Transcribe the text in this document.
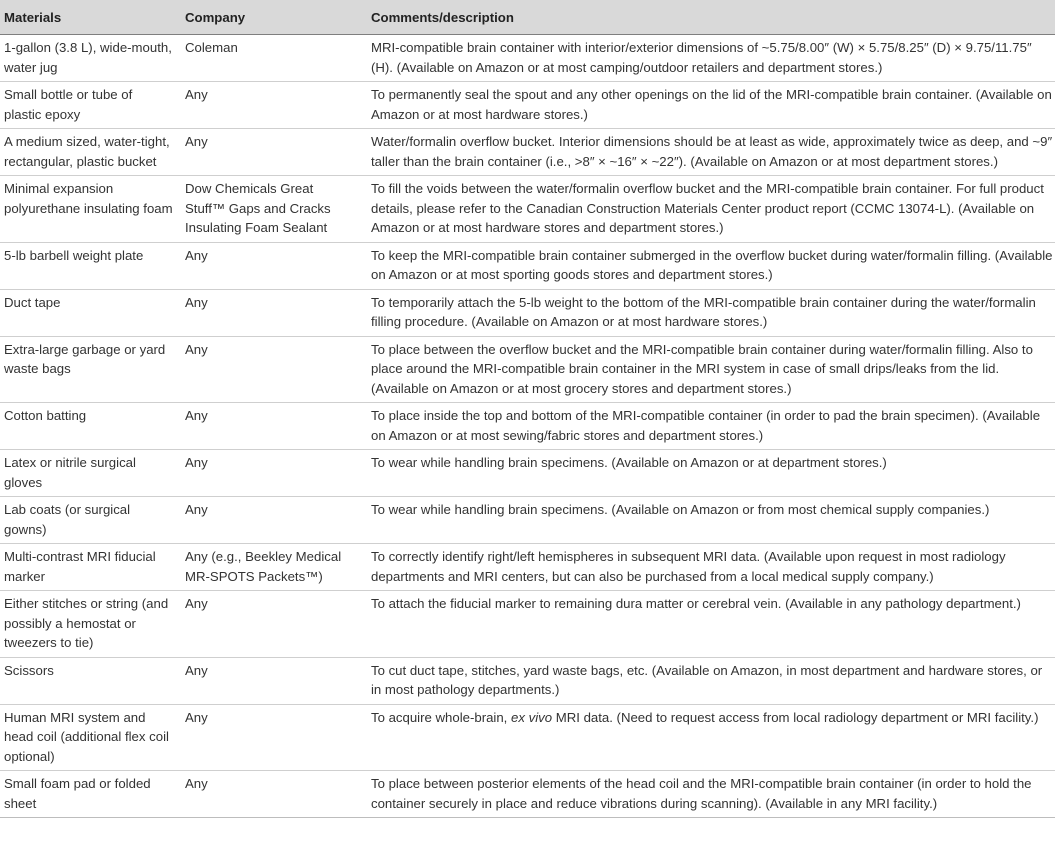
Materials	Company	Comments/description
1-gallon (3.8 L), wide-mouth, water jug	Coleman	MRI-compatible brain container with interior/exterior dimensions of ~5.75/8.00″ (W) × 5.75/8.25″ (D) × 9.75/11.75″ (H). (Available on Amazon or at most camping/outdoor retailers and department stores.)
Small bottle or tube of plastic epoxy	Any	To permanently seal the spout and any other openings on the lid of the MRI-compatible brain container. (Available on Amazon or at most hardware stores.)
A medium sized, water-tight, rectangular, plastic bucket	Any	Water/formalin overflow bucket. Interior dimensions should be at least as wide, approximately twice as deep, and ~9″ taller than the brain container (i.e., >8″ × ~16″ × ~22″). (Available on Amazon or at most department stores.)
Minimal expansion polyurethane insulating foam	Dow Chemicals Great Stuff™ Gaps and Cracks Insulating Foam Sealant	To fill the voids between the water/formalin overflow bucket and the MRI-compatible brain container. For full product details, please refer to the Canadian Construction Materials Center product report (CCMC 13074-L). (Available on Amazon or at most hardware stores and department stores.)
5-lb barbell weight plate	Any	To keep the MRI-compatible brain container submerged in the overflow bucket during water/formalin filling. (Available on Amazon or at most sporting goods stores and department stores.)
Duct tape	Any	To temporarily attach the 5-lb weight to the bottom of the MRI-compatible brain container during the water/formalin filling procedure. (Available on Amazon or at most hardware stores.)
Extra-large garbage or yard waste bags	Any	To place between the overflow bucket and the MRI-compatible brain container during water/formalin filling. Also to place around the MRI-compatible brain container in the MRI system in case of small drips/leaks from the lid. (Available on Amazon or at most grocery stores and department stores.)
Cotton batting	Any	To place inside the top and bottom of the MRI-compatible container (in order to pad the brain specimen). (Available on Amazon or at most sewing/fabric stores and department stores.)
Latex or nitrile surgical gloves	Any	To wear while handling brain specimens. (Available on Amazon or at department stores.)
Lab coats (or surgical gowns)	Any	To wear while handling brain specimens. (Available on Amazon or from most chemical supply companies.)
Multi-contrast MRI fiducial marker	Any (e.g., Beekley Medical MR-SPOTS Packets™)	To correctly identify right/left hemispheres in subsequent MRI data. (Available upon request in most radiology departments and MRI centers, but can also be purchased from a local medical supply company.)
Either stitches or string (and possibly a hemostat or tweezers to tie)	Any	To attach the fiducial marker to remaining dura matter or cerebral vein. (Available in any pathology department.)
Scissors	Any	To cut duct tape, stitches, yard waste bags, etc. (Available on Amazon, in most department and hardware stores, or in most pathology departments.)
Human MRI system and head coil (additional flex coil optional)	Any	To acquire whole-brain, ex vivo MRI data. (Need to request access from local radiology department or MRI facility.)
Small foam pad or folded sheet	Any	To place between posterior elements of the head coil and the MRI-compatible brain container (in order to hold the container securely in place and reduce vibrations during scanning). (Available in any MRI facility.)
